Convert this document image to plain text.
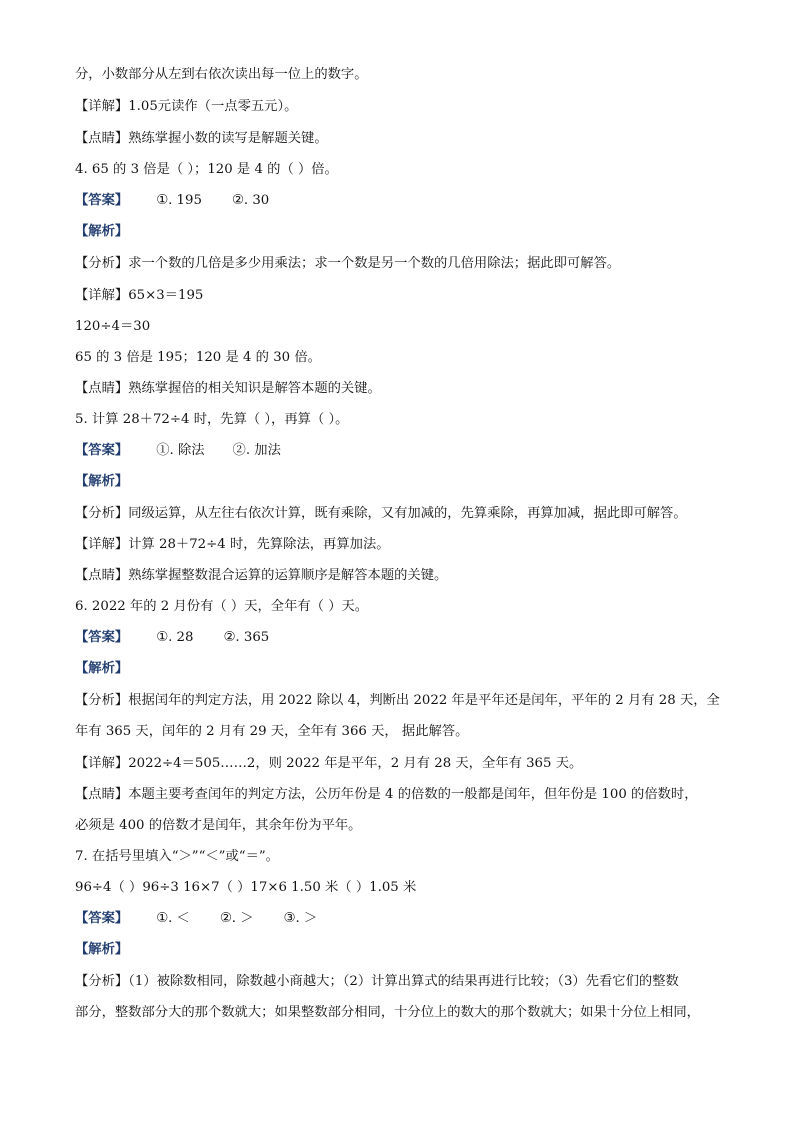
分，小数部分从左到右依次读出每一位上的数字。
【详解】1.05元读作（一点零五元）。
【点睛】熟练掌握小数的读写是解题关键。
4. 65 的 3 倍是（ ）；120 是 4 的（ ）倍。
【答案】 ①. 195 ②. 30
【解析】
【分析】求一个数的几倍是多少用乘法；求一个数是另一个数的几倍用除法；据此即可解答。
【详解】65×3＝195
120÷4＝30
65 的 3 倍是 195；120 是 4 的 30 倍。
【点睛】熟练掌握倍的相关知识是解答本题的关键。
5. 计算 28＋72÷4 时，先算（ ），再算（ ）。
【答案】 ①. 除法 ②. 加法
【解析】
【分析】同级运算，从左往右依次计算，既有乘除，又有加减的，先算乘除，再算加减，据此即可解答。
【详解】计算 28＋72÷4 时，先算除法，再算加法。
【点睛】熟练掌握整数混合运算的运算顺序是解答本题的关键。
6. 2022 年的 2 月份有（ ）天，全年有（ ）天。
【答案】 ①. 28 ②. 365
【解析】
【分析】根据闰年的判定方法，用 2022 除以 4，判断出 2022 年是平年还是闰年，平年的 2 月有 28 天，全
年有 365 天，闰年的 2 月有 29 天，全年有 366 天， 据此解答。
【详解】2022÷4＝505……2，则 2022 年是平年，2 月有 28 天，全年有 365 天。
【点睛】本题主要考查闰年的判定方法，公历年份是 4 的倍数的一般都是闰年，但年份是 100 的倍数时，
必须是 400 的倍数才是闰年，其余年份为平年。
7. 在括号里填入“＞”“＜”或“＝”。
96÷4（ ）96÷3 16×7（ ）17×6 1.50 米（ ）1.05 米
【答案】 ①. ＜ ②. ＞ ③. ＞
【解析】
【分析】（1）被除数相同，除数越小商越大；（2）计算出算式的结果再进行比较；（3）先看它们的整数
部分，整数部分大的那个数就大；如果整数部分相同，十分位上的数大的那个数就大；如果十分位上相同，
